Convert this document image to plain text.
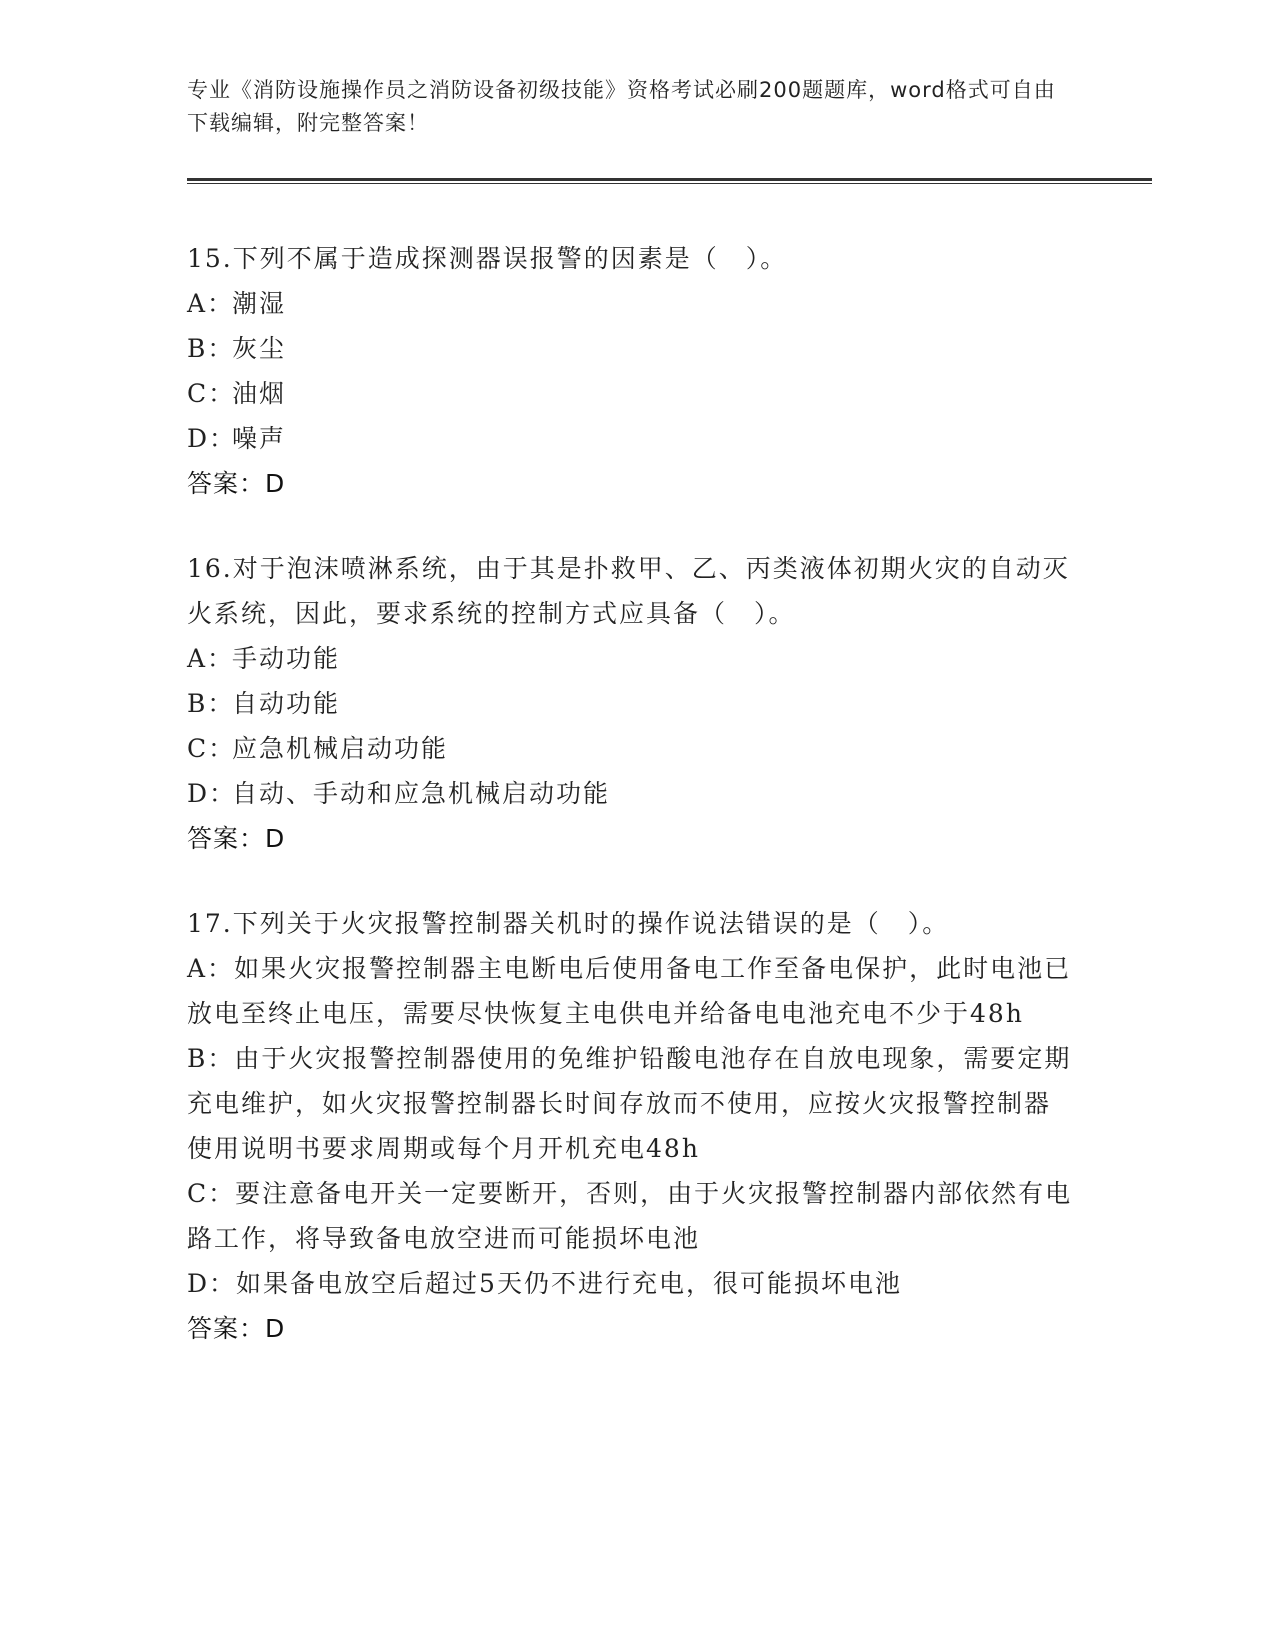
专业《消防设施操作员之消防设备初级技能》资格考试必刷200题题库，word格式可自由下载编辑，附完整答案！
15.下列不属于造成探测器误报警的因素是（　）。
A：
潮湿
B：
灰尘
C：
油烟
D：
噪声
答案：D
16.对于泡沫喷淋系统，由于其是扑救甲、乙、丙类液体初期火灾的自动灭火系统，因此，要求系统的控制方式应具备（　）。
A：
手动功能
B：
自动功能
C：
应急机械启动功能
D：
自动、手动和应急机械启动功能
答案：D
17.下列关于火灾报警控制器关机时的操作说法错误的是（　）。
A：如果火灾报警控制器主电断电后使用备电工作至备电保护，此时电池已放电至终止电压，需要尽快恢复主电供电并给备电电池充电不少于48h
B：由于火灾报警控制器使用的免维护铅酸电池存在自放电现象，需要定期充电维护，如火灾报警控制器长时间存放而不使用，应按火灾报警控制器使用说明书要求周期或每个月开机充电48h
C：要注意备电开关一定要断开，否则，由于火灾报警控制器内部依然有电路工作，将导致备电放空进而可能损坏电池
D：如果备电放空后超过5天仍不进行充电，很可能损坏电池
答案：D
